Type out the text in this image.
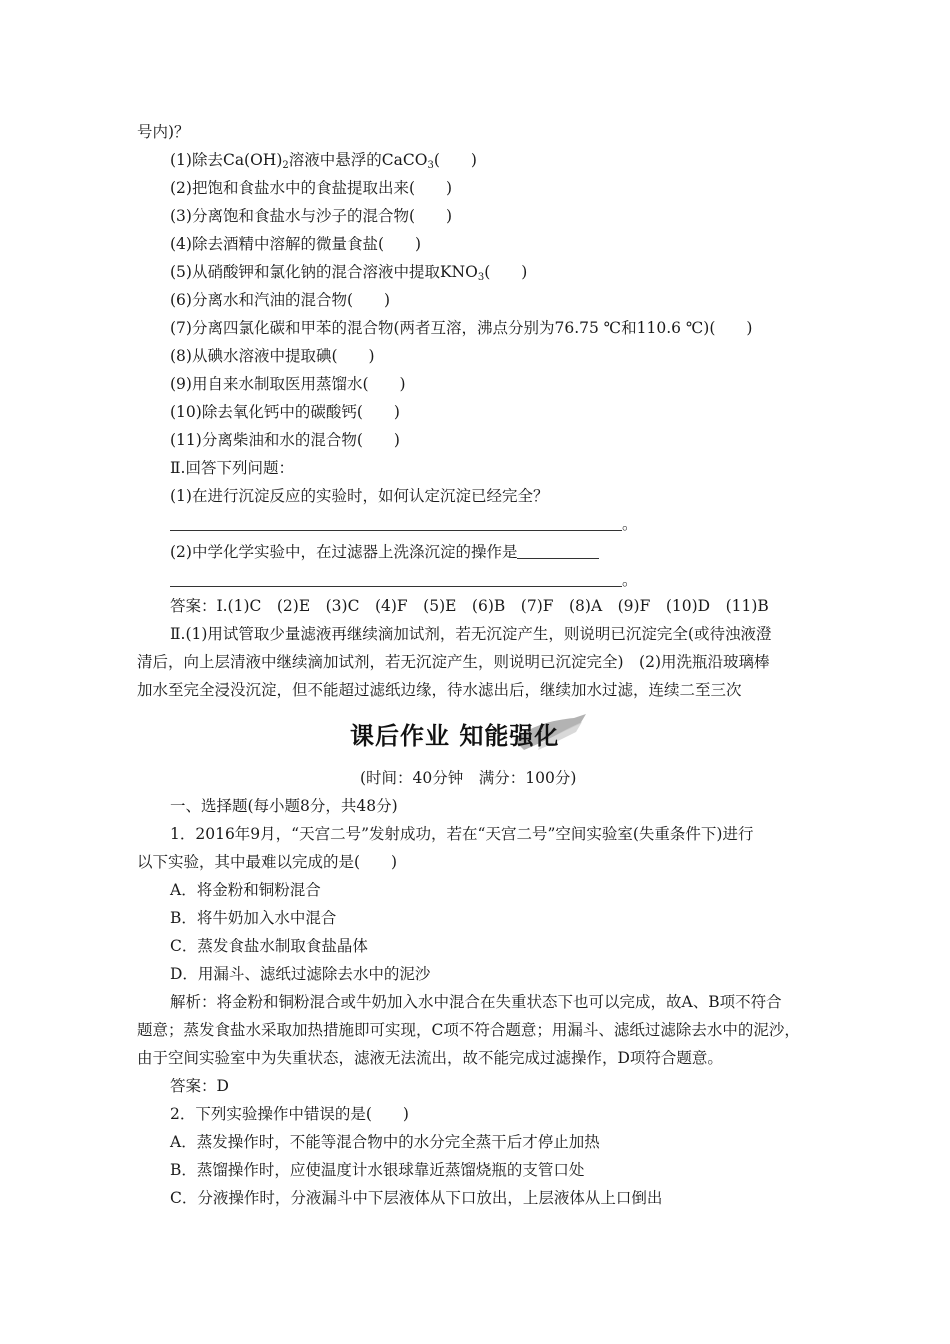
号内)？
(1)除去$Ca(OH)_2$溶液中悬浮的CaCO$_3$(　　)
(2)把饱和食盐水中的食盐提取出来(　　)
(3)分离饱和食盐水与沙子的混合物(　　)
(4)除去酒精中溶解的微量食盐(　　)
(5)从硝酸钾和氯化钠的混合溶液中提取$KNO_3$(　　)
(6)分离水和汽油的混合物(　　)
(7)分离四氯化碳和甲苯的混合物(两者互溶，沸点分别为76.75 ℃和110.6 ℃)(　　)
(8)从碘水溶液中提取碘(　　)
(9)用自来水制取医用蒸馏水(　　)
(10)除去氧化钙中的碳酸钙(　　)
(11)分离柴油和水的混合物(　　)
Ⅱ.回答下列问题：
(1)在进行沉淀反应的实验时，如何认定沉淀已经完全？
。
(2)中学化学实验中，在过滤器上洗涤沉淀的操作是
。
答案：Ⅰ.(1)C　(2)E　(3)C　(4)F　(5)E　(6)B　(7)F　(8)A　(9)F　(10)D　(11)B
Ⅱ.(1)用试管取少量滤液再继续滴加试剂，若无沉淀产生，则说明已沉淀完全(或待浊液澄
清后，向上层清液中继续滴加试剂，若无沉淀产生，则说明已沉淀完全)　(2)用洗瓶沿玻璃棒
加水至完全浸没沉淀，但不能超过滤纸边缘，待水滤出后，继续加水过滤，连续二至三次
课后作业 知能强化
(时间：40分钟　满分：100分)
一、选择题(每小题8分，共48分)
1．2016年9月，“天宫二号”发射成功，若在“天宫二号”空间实验室(失重条件下)进行
以下实验，其中最难以完成的是(　　)
A．将金粉和铜粉混合
B．将牛奶加入水中混合
C．蒸发食盐水制取食盐晶体
D．用漏斗、滤纸过滤除去水中的泥沙
解析：将金粉和铜粉混合或牛奶加入水中混合在失重状态下也可以完成，故A、B项不符合
题意；蒸发食盐水采取加热措施即可实现，C项不符合题意；用漏斗、滤纸过滤除去水中的泥沙，
由于空间实验室中为失重状态，滤液无法流出，故不能完成过滤操作，D项符合题意。
答案：D
2．下列实验操作中错误的是(　　)
A．蒸发操作时，不能等混合物中的水分完全蒸干后才停止加热
B．蒸馏操作时，应使温度计水银球靠近蒸馏烧瓶的支管口处
C．分液操作时，分液漏斗中下层液体从下口放出，上层液体从上口倒出
